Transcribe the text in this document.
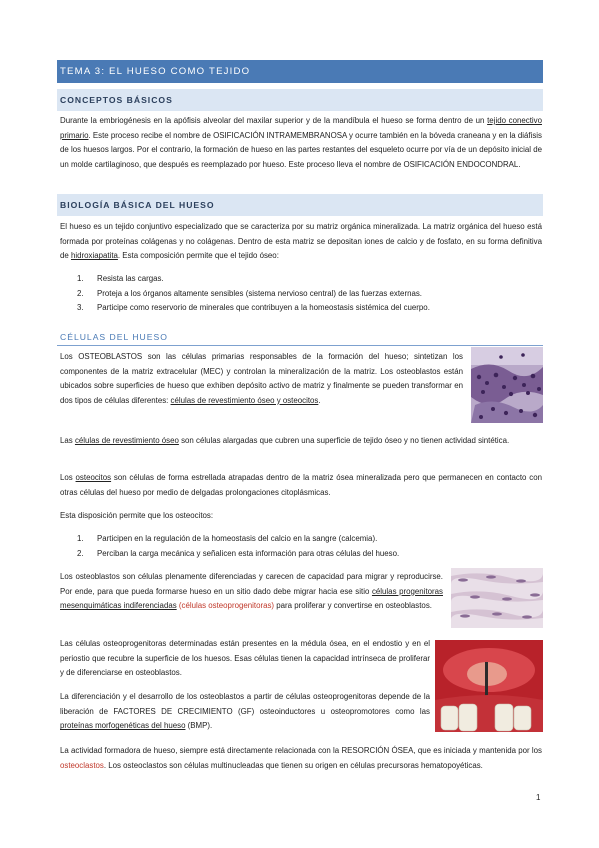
TEMA 3: EL HUESO COMO TEJIDO
CONCEPTOS BÁSICOS

Durante la embriogénesis en la apófisis alveolar del maxilar superior y de la mandíbula el hueso se forma dentro de un tejido conectivo primario. Este proceso recibe el nombre de OSIFICACIÓN INTRAMEMBRANOSA y ocurre también en la bóveda craneana y en la diáfisis de los huesos largos. Por el contrario, la formación de hueso en las partes restantes del esqueleto ocurre por vía de un depósito inicial de un molde cartilaginoso, que después es reemplazado por hueso. Este proceso lleva el nombre de OSIFICACIÓN ENDOCONDRAL.

BIOLOGÍA BÁSICA DEL HUESO

El hueso es un tejido conjuntivo especializado que se caracteriza por su matriz orgánica mineralizada. La matriz orgánica del hueso está formada por proteínas colágenas y no colágenas. Dentro de esta matriz se depositan iones de calcio y de fosfato, en su forma definitiva de hidroxiapatita. Esta composición permite que el tejido óseo:

1. Resista las cargas.
2. Proteja a los órganos altamente sensibles (sistema nervioso central) de las fuerzas externas.
3. Participe como reservorio de minerales que contribuyen a la homeostasis sistémica del cuerpo.
CÉLULAS DEL HUESO

Los OSTEOBLASTOS son las células primarias responsables de la formación del hueso; sintetizan los componentes de la matriz extracelular (MEC) y controlan la mineralización de la matriz. Los osteoblastos están ubicados sobre superficies de hueso que exhiben depósito activo de matriz y finalmente se pueden transformar en dos tipos de células diferentes: células de revestimiento óseo y osteocitos.

Las células de revestimiento óseo son células alargadas que cubren una superficie de tejido óseo y no tienen actividad sintética.

Los osteocitos son células de forma estrellada atrapadas dentro de la matriz ósea mineralizada pero que permanecen en contacto con otras células del hueso por medio de delgadas prolongaciones citoplásmicas.

Esta disposición permite que los osteocitos:

1. Participen en la regulación de la homeostasis del calcio en la sangre (calcemia).
2. Perciban la carga mecánica y señalicen esta información para otras células del hueso.

Los osteoblastos son células plenamente diferenciadas y carecen de capacidad para migrar y reproducirse. Por ende, para que pueda formarse hueso en un sitio dado debe migrar hacia ese sitio células progenitoras mesenquimáticas indiferenciadas (células osteoprogenitoras) para proliferar y convertirse en osteoblastos.

Las células osteoprogenitoras determinadas están presentes en la médula ósea, en el endostio y en el periostio que recubre la superficie de los huesos. Esas células tienen la capacidad intrínseca de proliferar y de diferenciarse en osteoblastos.

La diferenciación y el desarrollo de los osteoblastos a partir de células osteoprogenitoras depende de la liberación de FACTORES DE CRECIMIENTO (GF) osteoinductores u osteopromotores como las proteínas morfogenéticas del hueso (BMP).

La actividad formadora de hueso, siempre está directamente relacionada con la RESORCIÓN ÓSEA, que es iniciada y mantenida por los osteoclastos. Los osteoclastos son células multinucleadas que tienen su origen en células precursoras hematopoyéticas.

1
